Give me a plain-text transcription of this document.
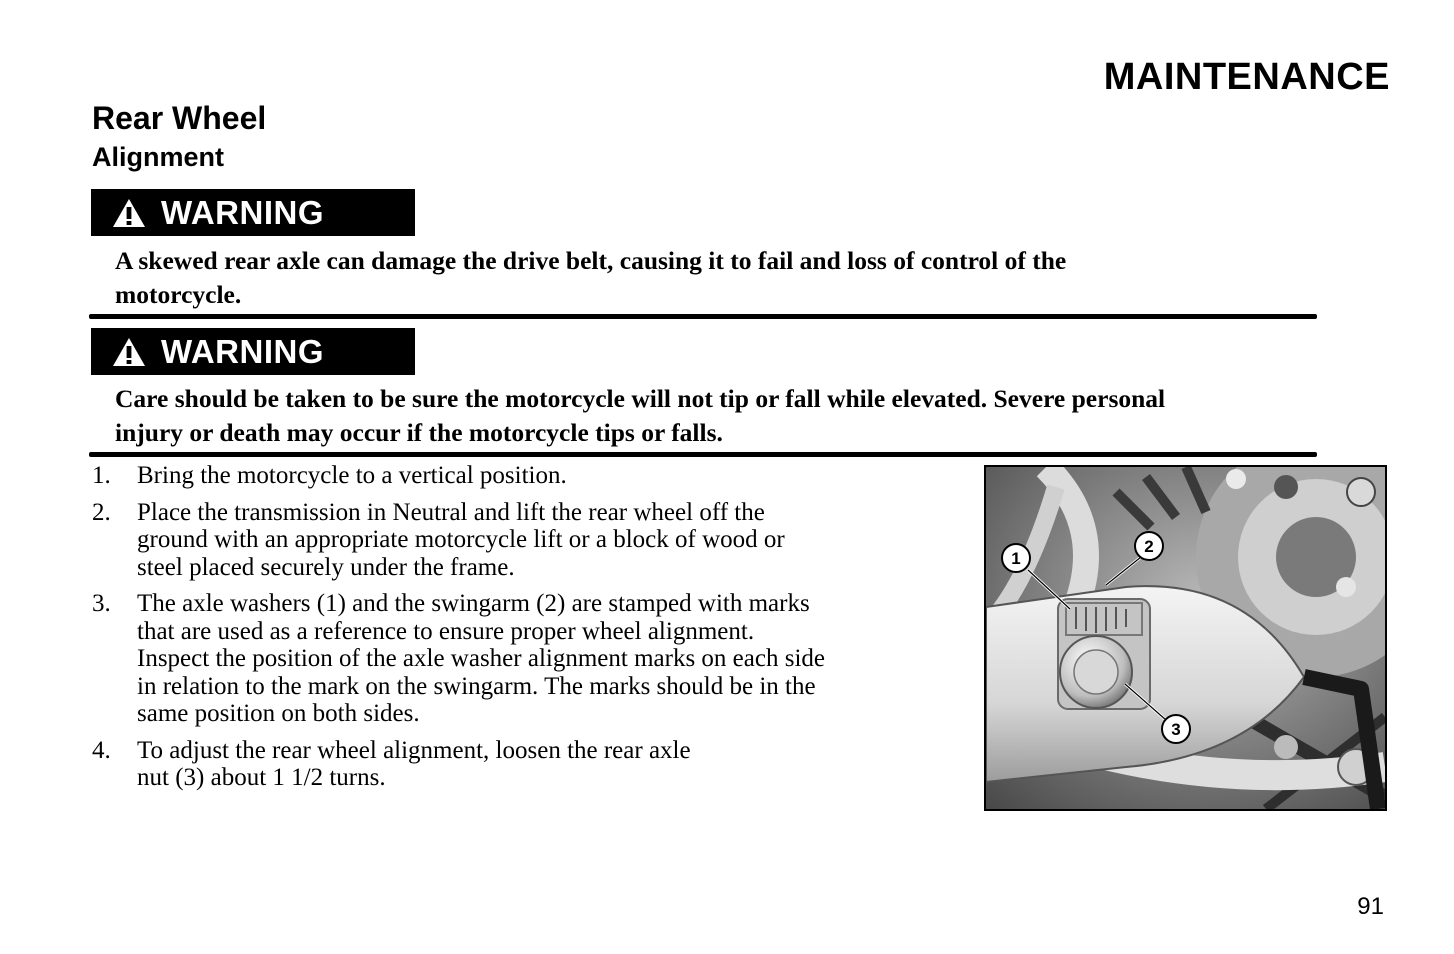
MAINTENANCE
Rear Wheel
Alignment
WARNING
A skewed rear axle can damage the drive belt, causing it to fail and loss of control of the
motorcycle.
WARNING
Care should be taken to be sure the motorcycle will not tip or fall while elevated. Severe personal
injury or death may occur if the motorcycle tips or falls.
1. Bring the motorcycle to a vertical position.
2. Place the transmission in Neutral and lift the rear wheel off the
ground with an appropriate motorcycle lift or a block of wood or
steel placed securely under the frame.
3. The axle washers (1) and the swingarm (2) are stamped with marks
that are used as a reference to ensure proper wheel alignment.
Inspect the position of the axle washer alignment marks on each side
in relation to the mark on the swingarm. The marks should be in the
same position on both sides.
4. To adjust the rear wheel alignment, loosen the rear axle
nut (3) about 1 1/2 turns.
1
2
3
91
